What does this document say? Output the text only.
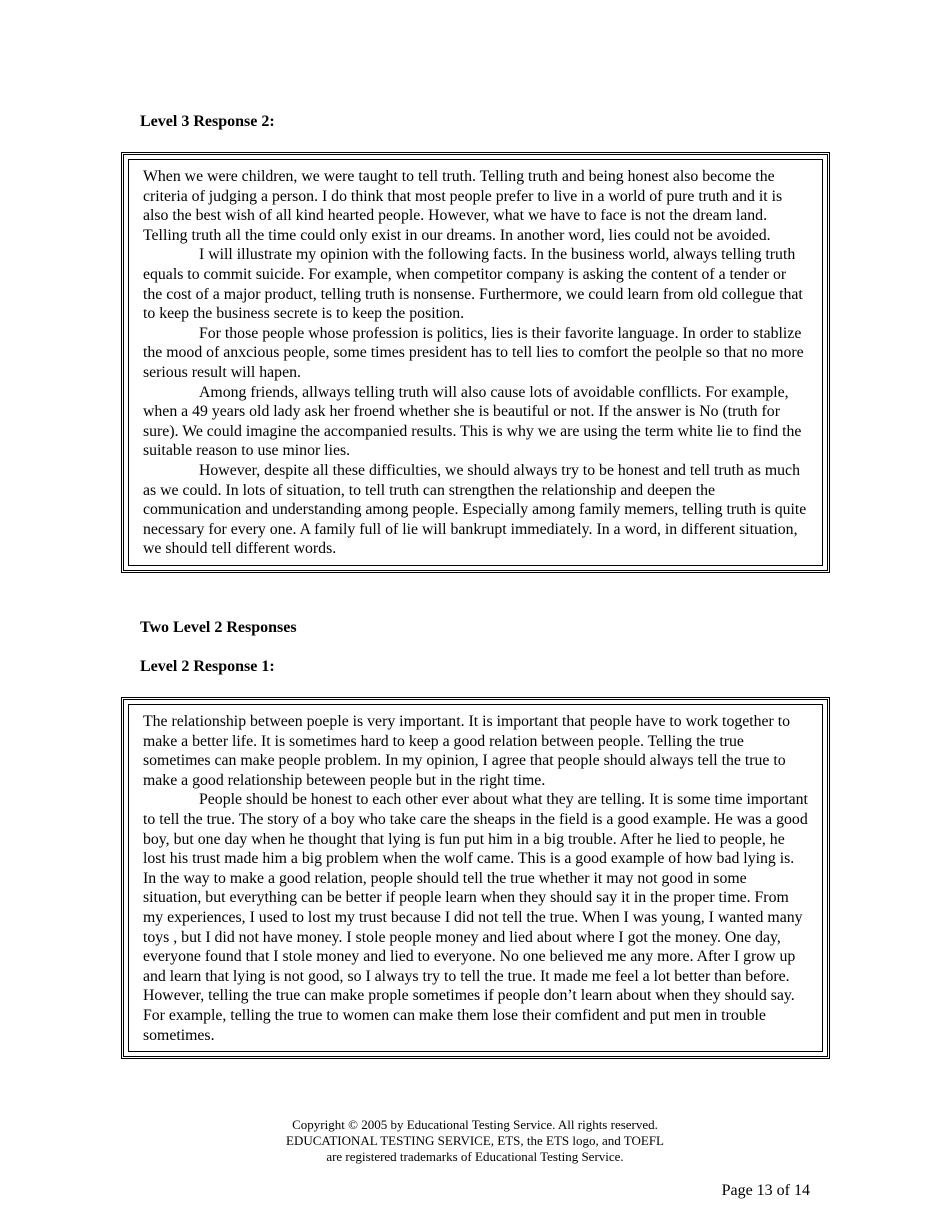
Level 3 Response 2:

When we were children, we were taught to tell truth. Telling truth and being honest also become the criteria of judging a person. I do think that most people prefer to live in a world of pure truth and it is also the best wish of all kind hearted people. However, what we have to face is not the dream land. Telling truth all the time could only exist in our dreams. In another word, lies could not be avoided.

I will illustrate my opinion with the following facts. In the business world, always telling truth equals to commit suicide. For example, when competitor company is asking the content of a tender or the cost of a major product, telling truth is nonsense. Furthermore, we could learn from old collegue that to keep the business secrete is to keep the position.

For those people whose profession is politics, lies is their favorite language. In order to stablize the mood of anxcious people, some times president has to tell lies to comfort the peolple so that no more serious result will hapen.

Among friends, allways telling truth will also cause lots of avoidable confllicts. For example, when a 49 years old lady ask her froend whether she is beautiful or not. If the answer is No (truth for sure). We could imagine the accompanied results. This is why we are using the term white lie to find the suitable reason to use minor lies.

However, despite all these difficulties, we should always try to be honest and tell truth as much as we could. In lots of situation, to tell truth can strengthen the relationship and deepen the communication and understanding among people. Especially among family memers, telling truth is quite necessary for every one. A family full of lie will bankrupt immediately. In a word, in different situation, we should tell different words.

Two Level 2 Responses
Level 2 Response 1:

The relationship between poeple is very important. It is important that people have to work together to make a better life. It is sometimes hard to keep a good relation between people. Telling the true sometimes can make people problem. In my opinion, I agree that people should always tell the true to make a good relationship beteween people but in the right time.

People should be honest to each other ever about what they are telling. It is some time important to tell the true. The story of a boy who take care the sheaps in the field is a good example. He was a good boy, but one day when he thought that lying is fun put him in a big trouble. After he lied to people, he lost his trust made him a big problem when the wolf came. This is a good example of how bad lying is. In the way to make a good relation, people should tell the true whether it may not good in some situation, but everything can be better if people learn when they should say it in the proper time. From my experiences, I used to lost my trust because I did not tell the true. When I was young, I wanted many toys , but I did not have money. I stole people money and lied about where I got the money. One day, everyone found that I stole money and lied to everyone. No one believed me any more. After I grow up and learn that lying is not good, so I always try to tell the true. It made me feel a lot better than before. However, telling the true can make prople sometimes if people don’t learn about when they should say. For example, telling the true to women can make them lose their comfident and put men in trouble sometimes.

Copyright © 2005 by Educational Testing Service. All rights reserved.
EDUCATIONAL TESTING SERVICE, ETS, the ETS logo, and TOEFL
are registered trademarks of Educational Testing Service.
Page 13 of 14
